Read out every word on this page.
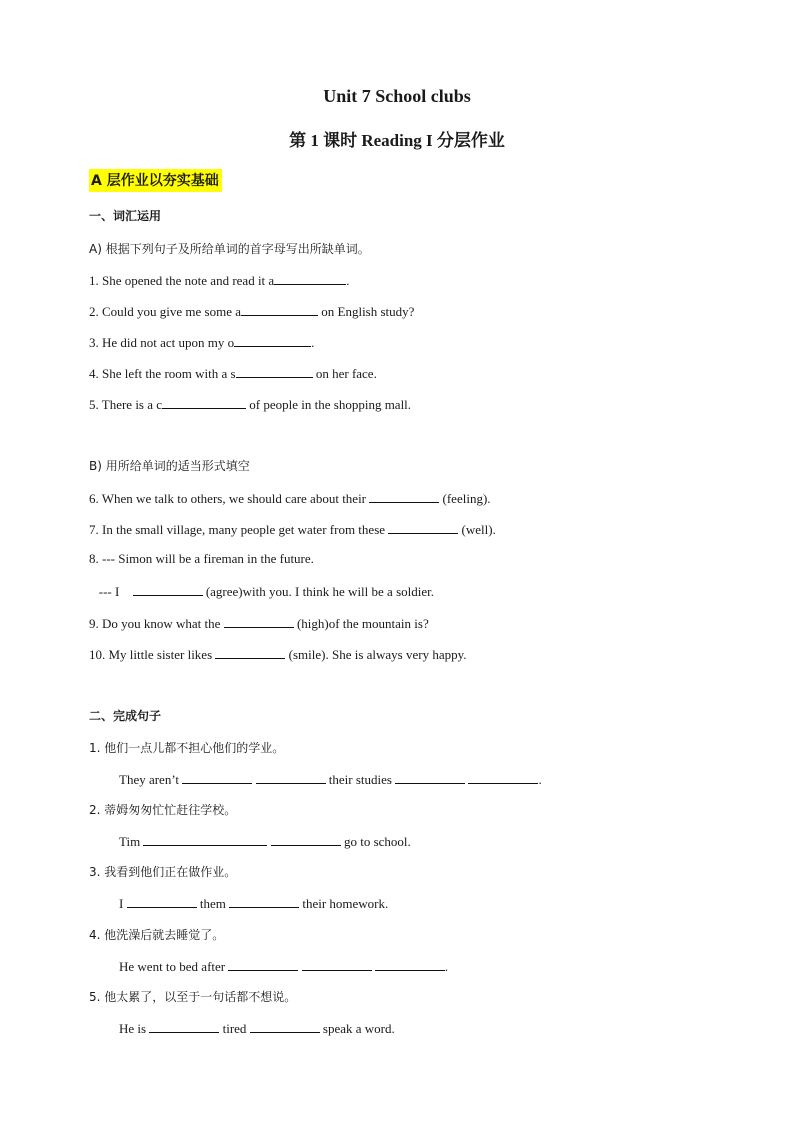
Unit 7 School clubs
第 1 课时 Reading I 分层作业
A 层作业以夯实基础
一、词汇运用
A) 根据下列句子及所给单词的首字母写出所缺单词。
1. She opened the note and read it a	.
2. Could you give me some a	on English study?
3. He did not act upon my o	.
4. She left the room with a s	on her face.
5. There is a c	of people in the shopping mall.
B) 用所给单词的适当形式填空
6. When we talk to others, we should care about their	(feeling).
7. In the small village, many people get water from these	(well).
8. --- Simon will be a fireman in the future.
--- I	(agree)with you. I think he will be a soldier.
9. Do you know what the	(high)of the mountain is?
10. My little sister likes	(smile). She is always very happy.
二、完成句子
1. 他们一点儿都不担心他们的学业。
They aren’t	their studies	.
2. 蒂姆匆匆忙忙赶往学校。
Tim	go to school.
3. 我看到他们正在做作业。
I	them	their homework.
4. 他洗澡后就去睡觉了。
He went to bed after	.
5. 他太累了，以至于一句话都不想说。
He is	tired	speak a word.
